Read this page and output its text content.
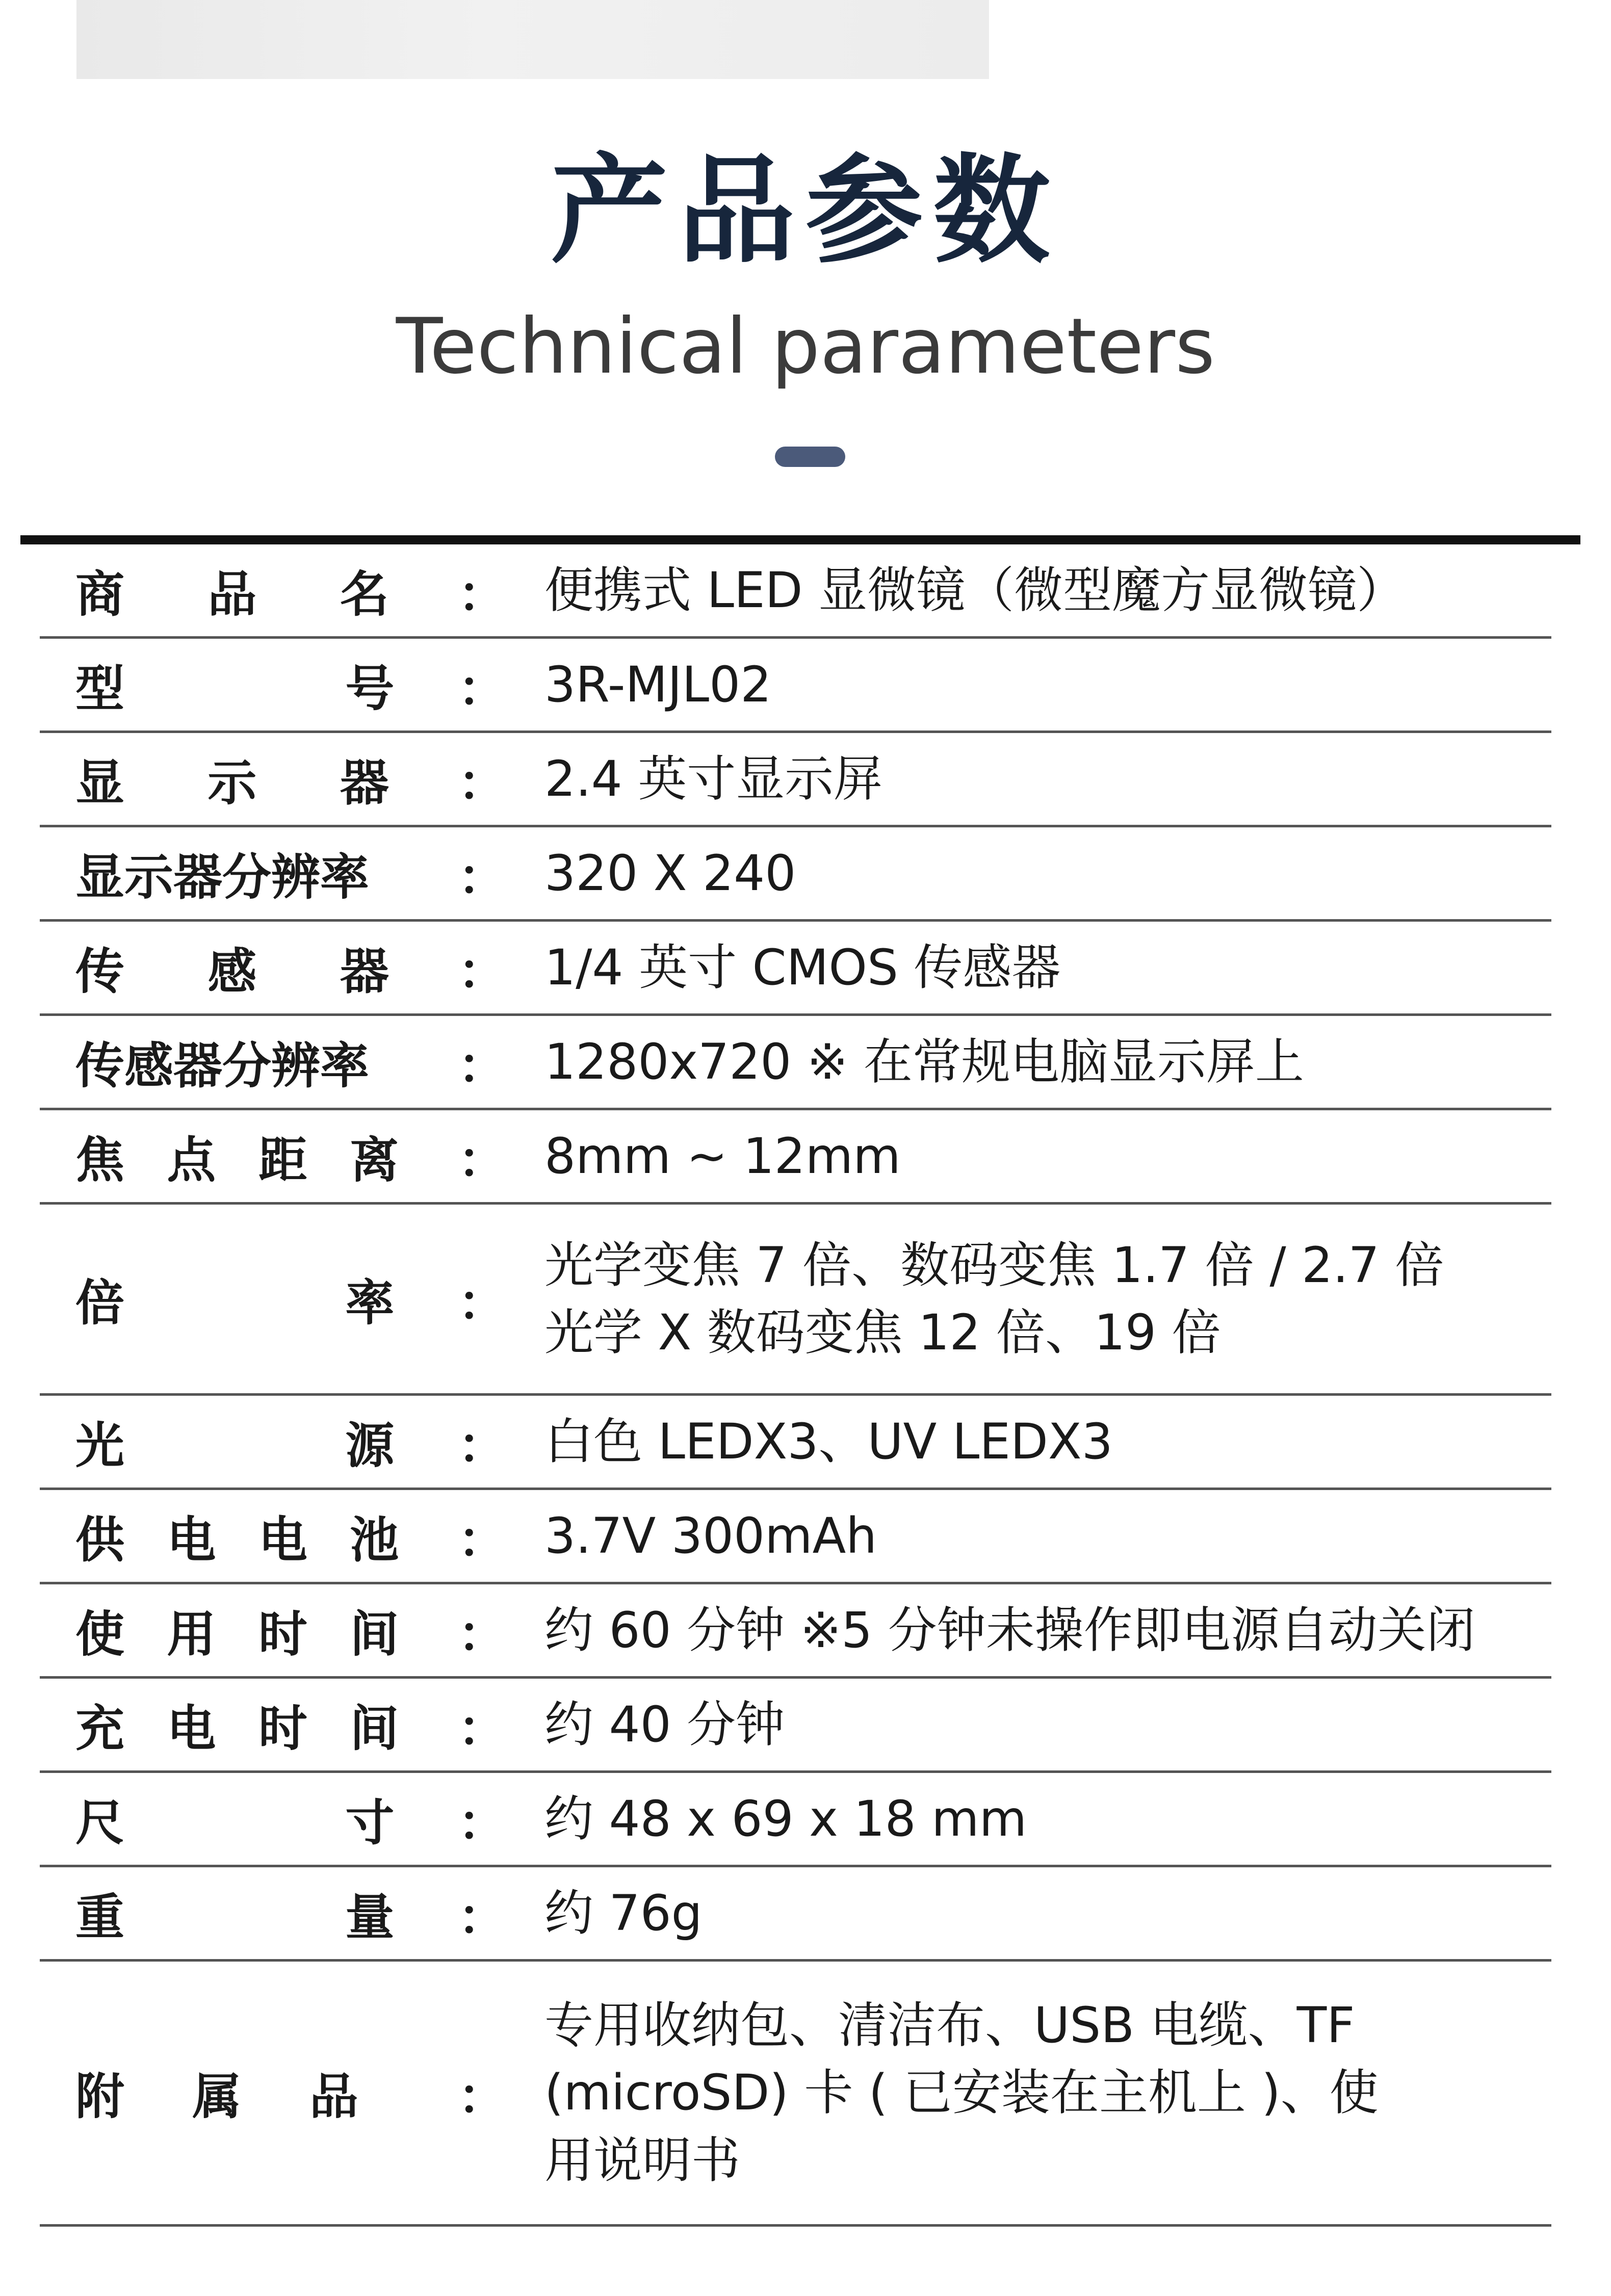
产品参数
Technical parameters
商 品 名	： 便携式 LED 显微镜（微型魔方显微镜）
型 号	： 3R-MJL02
显 示 器	： 2.4 英寸显示屏
显示器分辨率	： 320 X 240
传 感 器	： 1/4 英寸 CMOS 传感器
传感器分辨率	： 1280x720 ※ 在常规电脑显示屏上
焦 点 距 离	： 8mm ~ 12mm
倍 率	：
光学变焦 7 倍、数码变焦 1.7 倍 / 2.7 倍
光学 X 数码变焦 12 倍、19 倍
光 源	： 白色 LEDX3、UV LEDX3
供 电 电 池	： 3.7V 300mAh
使 用 时 间	： 约 60 分钟 ※5 分钟未操作即电源自动关闭
充 电 时 间	： 约 40 分钟
尺 寸	： 约 48 x 69 x 18 mm
重 量	： 约 76g
附 属 品	：
专用收纳包、清洁布、USB 电缆、TF
(microSD) 卡 ( 已安装在主机上 )、使
用说明书
